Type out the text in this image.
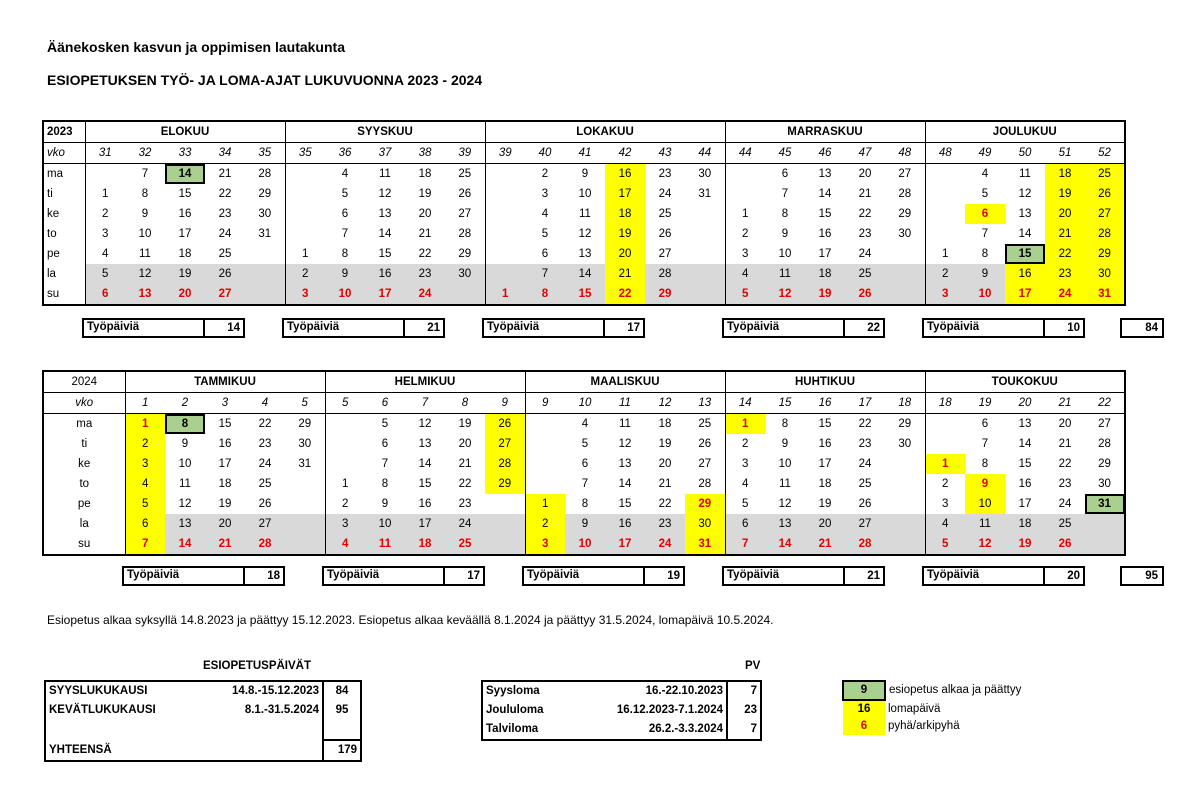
Äänekosken kasvun ja oppimisen lautakunta
ESIOPETUKSEN TYÖ- JA LOMA-AJAT LUKUVUONNA 2023 - 2024
2023	ELOKUU					SYYSKUU					LOKAKUU						MARRASKUU					JOULUKUU				
vko	31	32	33	34	35	35	36	37	38	39	39	40	41	42	43	44	44	45	46	47	48	48	49	50	51	52
ma		7	14	21	28		4	11	18	25		2	9	16	23	30		6	13	20	27		4	11	18	25
ti	1	8	15	22	29		5	12	19	26		3	10	17	24	31		7	14	21	28		5	12	19	26
ke	2	9	16	23	30		6	13	20	27		4	11	18	25		1	8	15	22	29		6	13	20	27
to	3	10	17	24	31		7	14	21	28		5	12	19	26		2	9	16	23	30		7	14	21	28
pe	4	11	18	25		1	8	15	22	29		6	13	20	27		3	10	17	24		1	8	15	22	29
la	5	12	19	26		2	9	16	23	30		7	14	21	28		4	11	18	25		2	9	16	23	30
su	6	13	20	27		3	10	17	24		1	8	15	22	29		5	12	19	26		3	10	17	24	31
2024	TAMMIKUU					HELMIKUU					MAALISKUU					HUHTIKUU					TOUKOKUU				
vko	1	2	3	4	5	5	6	7	8	9	9	10	11	12	13	14	15	16	17	18	18	19	20	21	22
ma	1	8	15	22	29		5	12	19	26		4	11	18	25	1	8	15	22	29		6	13	20	27
ti	2	9	16	23	30		6	13	20	27		5	12	19	26	2	9	16	23	30		7	14	21	28
ke	3	10	17	24	31		7	14	21	28		6	13	20	27	3	10	17	24		1	8	15	22	29
to	4	11	18	25		1	8	15	22	29		7	14	21	28	4	11	18	25		2	9	16	23	30
pe	5	12	19	26		2	9	16	23		1	8	15	22	29	5	12	19	26		3	10	17	24	31
la	6	13	20	27		3	10	17	24		2	9	16	23	30	6	13	20	27		4	11	18	25	
su	7	14	21	28		4	11	18	25		3	10	17	24	31	7	14	21	28		5	12	19	26	
Työpäiviä	14	Työpäiviä	21	Työpäiviä	17	Työpäiviä	22	Työpäiviä	10	84
Työpäiviä	18	Työpäiviä	17	Työpäiviä	19	Työpäiviä	21	Työpäiviä	20	95
Esiopetus alkaa syksyllä 14.8.2023 ja päättyy 15.12.2023. Esiopetus alkaa keväällä 8.1.2024 ja päättyy 31.5.2024, lomapäivä 10.5.2024.
ESIOPETUSPÄIVÄT
SYYSLUKUKAUSI	14.8.-15.12.2023	84
KEVÄTLUKUKAUSI	8.1.-31.5.2024	95

YHTEENSÄ		179
PV
Syysloma	16.-22.10.2023	7
Joululoma	16.12.2023-7.1.2024	23
Talviloma	26.2.-3.3.2024	7
9	esiopetus alkaa ja päättyy
16	lomapäivä
6	pyhä/arkipyhä
